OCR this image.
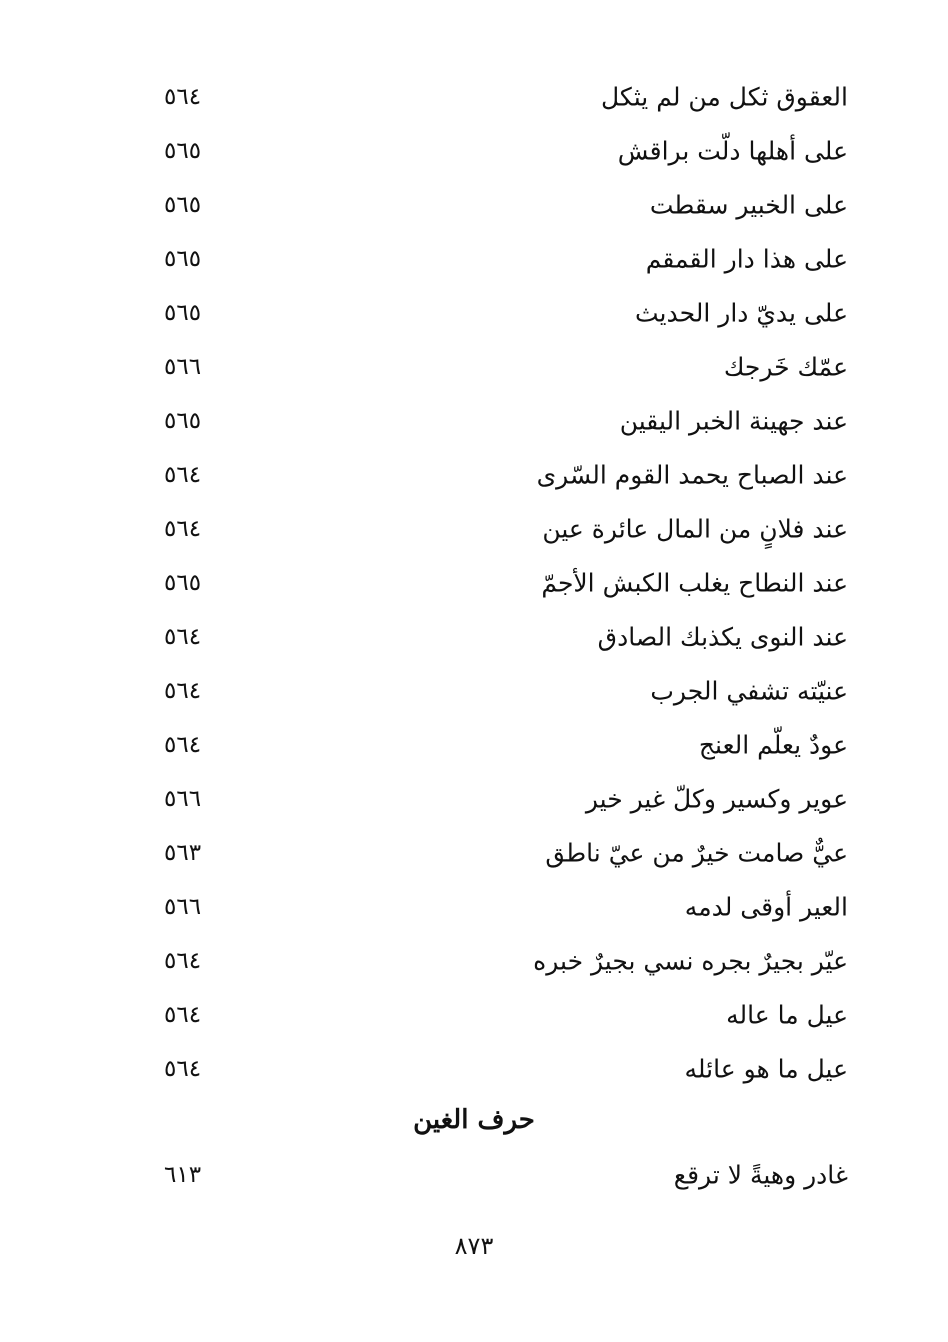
العقوق ثكل من لم يثكل
٥٦٤
على أهلها دلّت براقش
٥٦٥
على الخبير سقطت
٥٦٥
على هذا دار القمقم
٥٦٥
على يديّ دار الحديث
٥٦٥
عمّك خَرجك
٥٦٦
عند جهينة الخبر اليقين
٥٦٥
عند الصباح يحمد القوم السّرى
٥٦٤
عند فلانٍ من المال عائرة عين
٥٦٤
عند النطاح يغلب الكبش الأجمّ
٥٦٥
عند النوى يكذبك الصادق
٥٦٤
عنيّته تشفي الجرب
٥٦٤
عودٌ يعلّم العنج
٥٦٤
عوير وكسير وكلّ غير خير
٥٦٦
عيٌّ صامت خيرٌ من عيّ ناطق
٥٦٣
العير أوقى لدمه
٥٦٦
عيّر بجيرٌ بجره نسي بجيرٌ خبره
٥٦٤
عيل ما عاله
٥٦٤
عيل ما هو عائله
٥٦٤
حرف الغين
غادر وهيةً لا ترقع
٦١٣
٨٧٣
